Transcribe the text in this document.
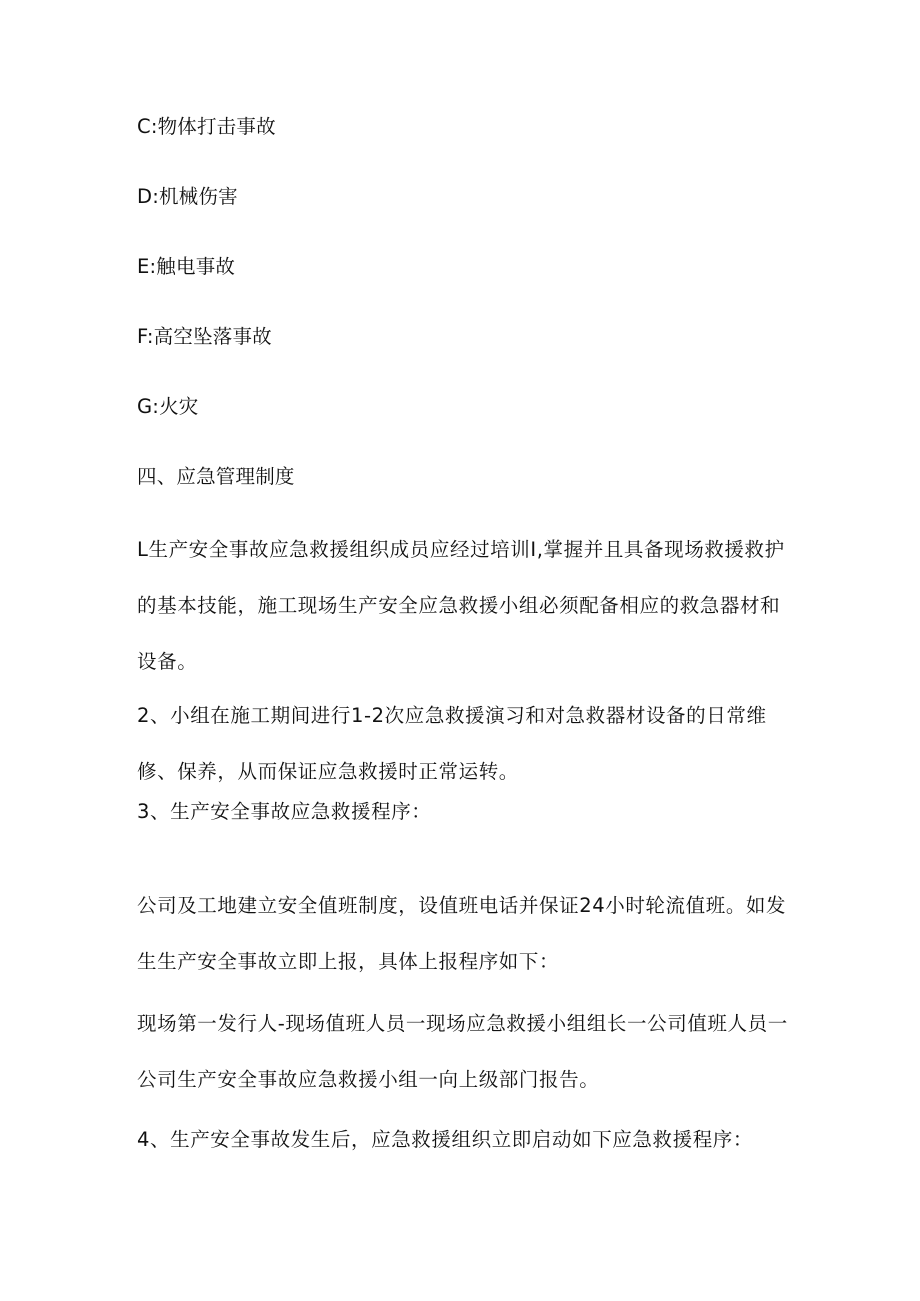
C:物体打击事故
D:机械伤害
E:触电事故
F:高空坠落事故
G:火灾
四、应急管理制度
L生产安全事故应急救援组织成员应经过培训I,掌握并且具备现场救援救护的基本技能，施工现场生产安全应急救援小组必须配备相应的救急器材和设备。
2、小组在施工期间进行1-2次应急救援演习和对急救器材设备的日常维修、保养，从而保证应急救援时正常运转。
3、生产安全事故应急救援程序：
公司及工地建立安全值班制度，设值班电话并保证24小时轮流值班。如发生生产安全事故立即上报，具体上报程序如下：
现场第一发行人-现场值班人员一现场应急救援小组组长一公司值班人员一公司生产安全事故应急救援小组一向上级部门报告。
4、生产安全事故发生后，应急救援组织立即启动如下应急救援程序：
